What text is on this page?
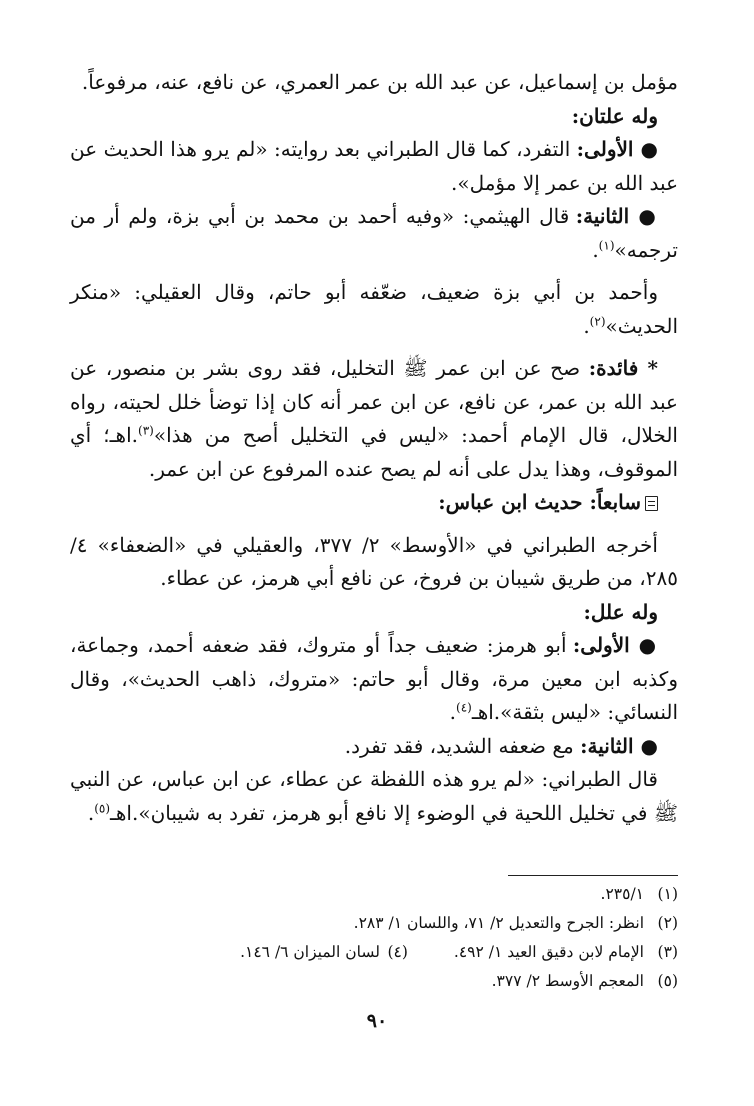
مؤمل بن إسماعيل، عن عبد الله بن عمر العمري، عن نافع، عنه، مرفوعاً.

وله علتان:

● الأولى: التفرد، كما قال الطبراني بعد روايته: «لم يرو هذا الحديث عن عبد الله بن عمر إلا مؤمل».

● الثانية: قال الهيثمي: «وفيه أحمد بن محمد بن أبي بزة، ولم أر من ترجمه»$^{(١)}$.

وأحمد بن أبي بزة ضعيف، ضعّفه أبو حاتم، وقال العقيلي: «منكر الحديث»$^{(٢)}$.

* فائدة: صح عن ابن عمر ﷺ التخليل، فقد روى بشر بن منصور، عن عبد الله بن عمر، عن نافع، عن ابن عمر أنه كان إذا توضأ خلل لحيته، رواه الخلال، قال الإمام أحمد: «ليس في التخليل أصح من هذا»$^{(٣)}$.اهـ؛ أي الموقوف، وهذا يدل على أنه لم يصح عنده المرفوع عن ابن عمر.

سابعاً: حديث ابن عباس:

أخرجه الطبراني في «الأوسط» ٢/ ٣٧٧، والعقيلي في «الضعفاء» ٤/ ٢٨٥، من طريق شيبان بن فروخ، عن نافع أبي هرمز، عن عطاء.

وله علل:

● الأولى: أبو هرمز: ضعيف جداً أو متروك، فقد ضعفه أحمد، وجماعة، وكذبه ابن معين مرة، وقال أبو حاتم: «متروك، ذاهب الحديث»، وقال النسائي: «ليس بثقة».اهـ$^{(٤)}$.

● الثانية: مع ضعفه الشديد، فقد تفرد.

قال الطبراني: «لم يرو هذه اللفظة عن عطاء، عن ابن عباس، عن النبي ﷺ في تخليل اللحية في الوضوء إلا نافع أبو هرمز، تفرد به شيبان».اهـ$^{(٥)}$.

(١)٢٣٥/١.

(٢)انظر: الجرح والتعديل ٢/ ٧١، واللسان ١/ ٢٨٣.

(٣)الإمام لابن دقيق العيد ١/ ٤٩٢.(٤)لسان الميزان ٦/ ١٤٦.

(٥)المعجم الأوسط ٢/ ٣٧٧.

٩٠
